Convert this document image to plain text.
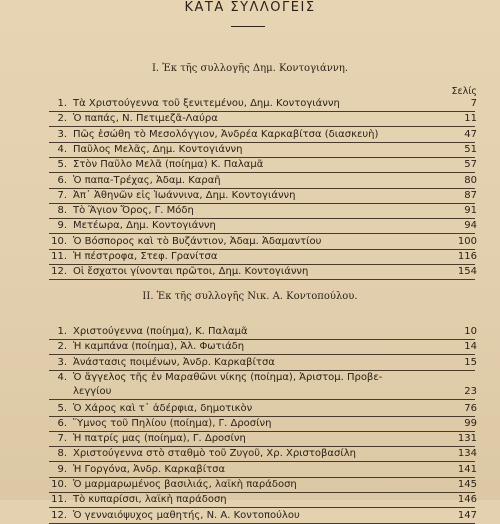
ΚΑΤΑ ΣΥΛΛΟΓΕΙΣ
I. Ἐκ τῆς συλλογῆς Δημ. Κοντογιάννη.
Σελίς
II. Ἐκ τῆς συλλογῆς Νικ. Α. Κοντοπούλου.
1. Τὰ Χριστούγεννα τοῦ ξενιτεμένου, Δημ. Κοντογιάννη	7
2. Ὁ παπάς, Ν. Πετιμεζᾶ-Λαύρα	11
3. Πῶς ἑσώθη τὸ Μεσολόγγιον, Ἀνδρέα Καρκαβίτσα (διασκευὴ)	47
4. Παῦλος Μελᾶς, Δημ. Κοντογιάννη	51
5. Στὸν Παῦλο Μελᾶ (ποίημα) Κ. Παλαμᾶ	57
6. Ὁ παπα-Τρέχας, Ἀδαμ. Καραῆ	80
7. Ἀπ᾿ Ἀθηνῶν εἰς Ἰωάννινα, Δημ. Κοντογιάννη	87
8. Τὸ Ἅγιον Ὄρος, Γ. Μόδη	91
9. Μετέωρα, Δημ. Κοντογιάννη	94
10. Ὁ Βόσπορος καὶ τὸ Βυζάντιον, Ἀδαμ. Ἀδαμαντίου	100
11. Ἡ πέστροφα, Στεφ. Γρανίτσα	116
12. Οἱ ἔσχατοι γίνονται πρῶτοι, Δημ. Κοντογιάννη	154
1. Χριστούγεννα (ποίημα), Κ. Παλαμᾶ	10
2. Ἡ καμπάνα (ποίημα), Ἀλ. Φωτιάδη	14
3. Ἀνάστασις ποιμένων, Ἀνδρ. Καρκαβίτσα	15
4. Ὁ ἄγγελος τῆς ἐν Μαραθῶνι νίκης (ποίημα), Ἀριστομ. Προβε-
λεγγίου	23
5. Ὁ Χάρος καὶ τ᾿ ἀδέρφια, δημοτικὸν	76
6. Ὕμνος τοῦ Πηλίου (ποίημα), Γ. Δροσίνη	99
7. Ἡ πατρίς μας (ποίημα), Γ. Δροσίνη	131
8. Χριστούγεννα στὸ σταθμὸ τοῦ Ζυγοῦ, Χρ. Χριστοβασίλη	134
9. Ἡ Γοργόνα, Ἀνδρ. Καρκαβίτσα	141
10. Ὁ μαρμαρωμένος βασιλιάς, λαϊκὴ παράδοση	145
11. Τὸ κυπαρίσσι, λαϊκὴ παράδοση	146
12. Ὁ γενναιόψυχος μαθητής, Ν. Α. Κοντοπούλου	147
